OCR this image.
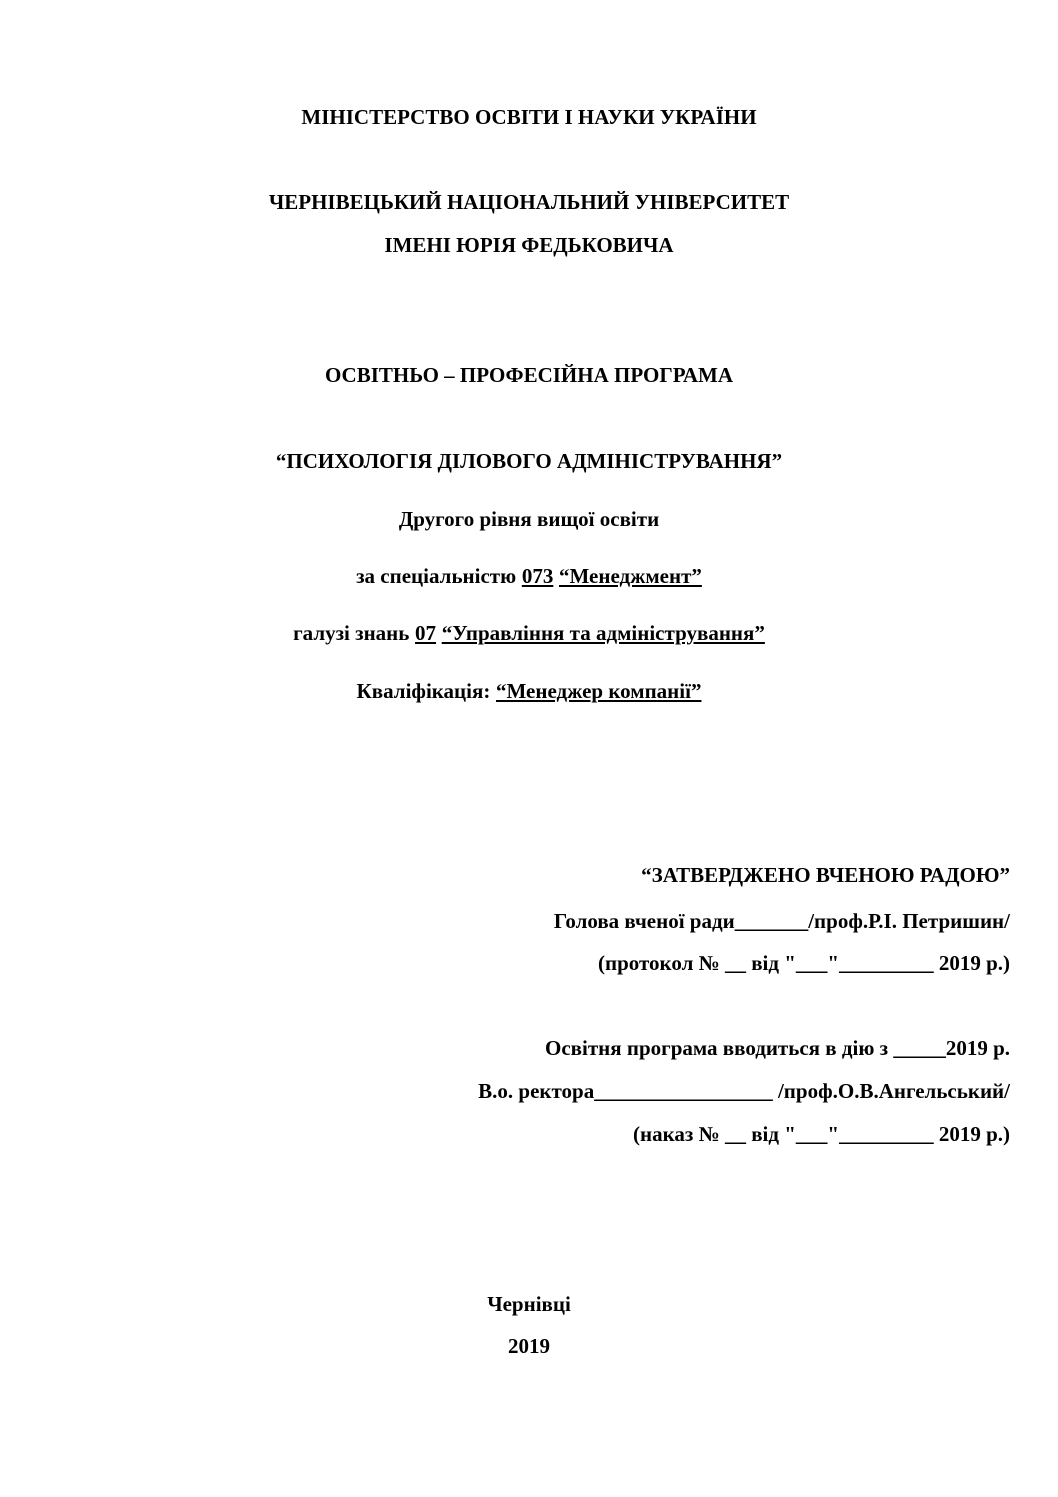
МІНІСТЕРСТВО ОСВІТИ І НАУКИ УКРАЇНИ
ЧЕРНІВЕЦЬКИЙ НАЦІОНАЛЬНИЙ УНІВЕРСИТЕТ
ІМЕНІ ЮРІЯ ФЕДЬКОВИЧА
ОСВІТНЬО – ПРОФЕСІЙНА ПРОГРАМА
“ПСИХОЛОГІЯ ДІЛОВОГО АДМІНІСТРУВАННЯ”
Другого рівня вищої освіти
за спеціальністю 073 “Менеджмент”
галузі знань 07 “Управління та адміністрування”
Кваліфікація: “Менеджер компанії”
“ЗАТВЕРДЖЕНО ВЧЕНОЮ РАДОЮ”
Голова вченої ради_______/проф.Р.І. Петришин/
(протокол № __ від "___"_________ 2019 р.)
Освітня програма вводиться в дію з _____2019 р.
В.о. ректора_________________ /проф.О.В.Ангельський/
(наказ № __ від "___"_________ 2019 р.)
Чернівці
2019
